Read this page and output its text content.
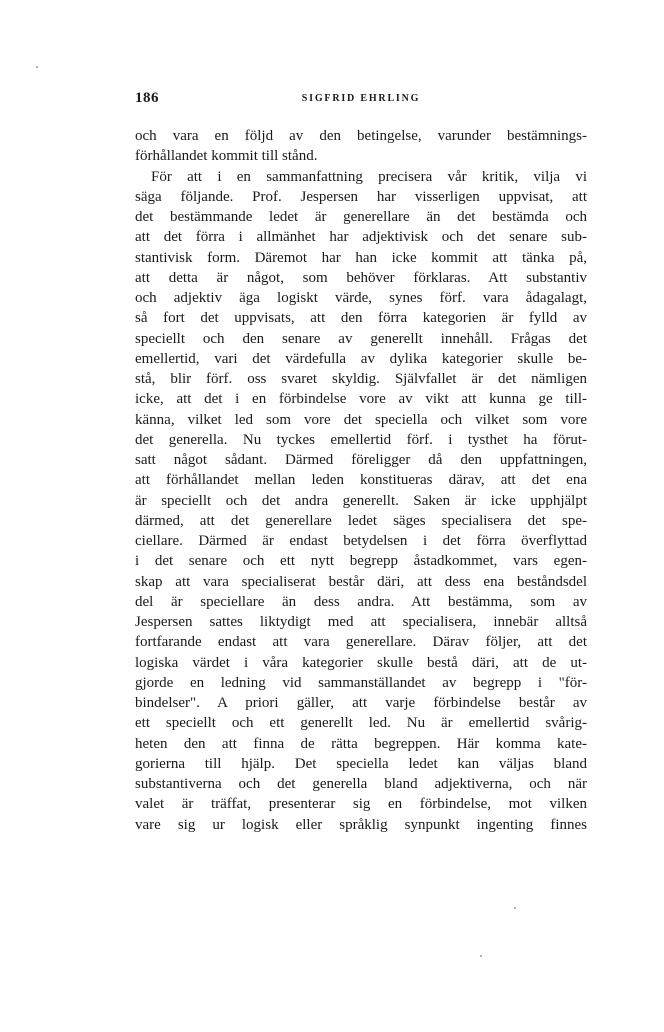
186	SIGFRID EHRLING
och vara en följd av den betingelse, varunder bestämnings-
förhållandet kommit till stånd.
För att i en sammanfattning precisera vår kritik, vilja vi
säga följande. Prof. Jespersen har visserligen uppvisat, att
det bestämmande ledet är generellare än det bestämda och
att det förra i allmänhet har adjektivisk och det senare sub-
stantivisk form. Däremot har han icke kommit att tänka på,
att detta är något, som behöver förklaras. Att substantiv
och adjektiv äga logiskt värde, synes förf. vara ådagalagt,
så fort det uppvisats, att den förra kategorien är fylld av
speciellt och den senare av generellt innehåll. Frågas det
emellertid, vari det värdefulla av dylika kategorier skulle be-
stå, blir förf. oss svaret skyldig. Självfallet är det nämligen
icke, att det i en förbindelse vore av vikt att kunna ge till-
känna, vilket led som vore det speciella och vilket som vore
det generella. Nu tyckes emellertid förf. i tysthet ha förut-
satt något sådant. Därmed föreligger då den uppfattningen,
att förhållandet mellan leden konstitueras därav, att det ena
är speciellt och det andra generellt. Saken är icke upphjälpt
därmed, att det generellare ledet säges specialisera det spe-
ciellare. Därmed är endast betydelsen i det förra överflyttad
i det senare och ett nytt begrepp åstadkommet, vars egen-
skap att vara specialiserat består däri, att dess ena beståndsdel
del är speciellare än dess andra. Att bestämma, som av
Jespersen sattes liktydigt med att specialisera, innebär alltså
fortfarande endast att vara generellare. Därav följer, att det
logiska värdet i våra kategorier skulle bestå däri, att de ut-
gjorde en ledning vid sammanställandet av begrepp i "för-
bindelser". A priori gäller, att varje förbindelse består av
ett speciellt och ett generellt led. Nu är emellertid svårig-
heten den att finna de rätta begreppen. Här komma kate-
gorierna till hjälp. Det speciella ledet kan väljas bland
substantiverna och det generella bland adjektiverna, och när
valet är träffat, presenterar sig en förbindelse, mot vilken
vare sig ur logisk eller språklig synpunkt ingenting finnes
